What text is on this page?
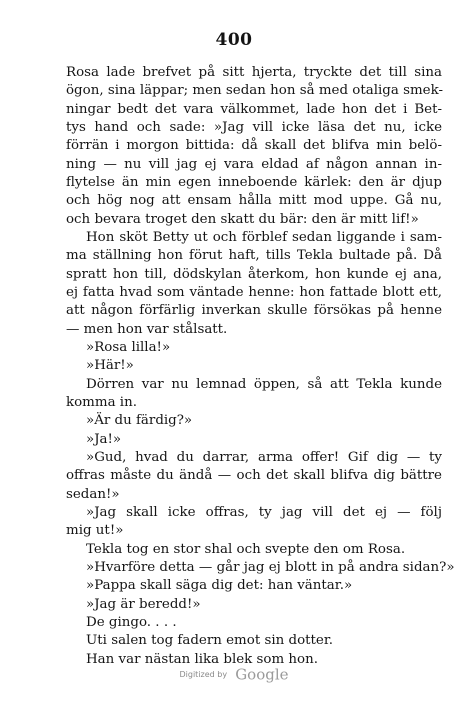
400
Rosa lade brefvet på sitt hjerta, tryckte det till sina
ögon, sina läppar; men sedan hon så med otaliga smek-
ningar bedt det vara välkommet, lade hon det i Bet-
tys hand och sade: »Jag vill icke läsa det nu, icke
förrän i morgon bittida: då skall det blifva min belö-
ning — nu vill jag ej vara eldad af någon annan in-
flytelse än min egen inneboende kärlek: den är djup
och hög nog att ensam hålla mitt mod uppe. Gå nu,
och bevara troget den skatt du bär: den är mitt lif!»
Hon sköt Betty ut och förblef sedan liggande i sam-
ma ställning hon förut haft, tills Tekla bultade på. Då
spratt hon till, dödskylan återkom, hon kunde ej ana,
ej fatta hvad som väntade henne: hon fattade blott ett,
att någon förfärlig inverkan skulle försökas på henne
— men hon var stålsatt.
»Rosa lilla!»
»Här!»
Dörren var nu lemnad öppen, så att Tekla kunde
komma in.
»Är du färdig?»
»Ja!»
»Gud, hvad du darrar, arma offer! Gif dig — ty
offras måste du ändå — och det skall blifva dig bättre
sedan!»
»Jag skall icke offras, ty jag vill det ej — följ
mig ut!»
Tekla tog en stor shal och svepte den om Rosa.
»Hvarföre detta — går jag ej blott in på andra sidan?»
»Pappa skall säga dig det: han väntar.»
»Jag är beredd!»
De gingo. . . .
Uti salen tog fadern emot sin dotter.
Han var nästan lika blek som hon.
Digitized by Google
